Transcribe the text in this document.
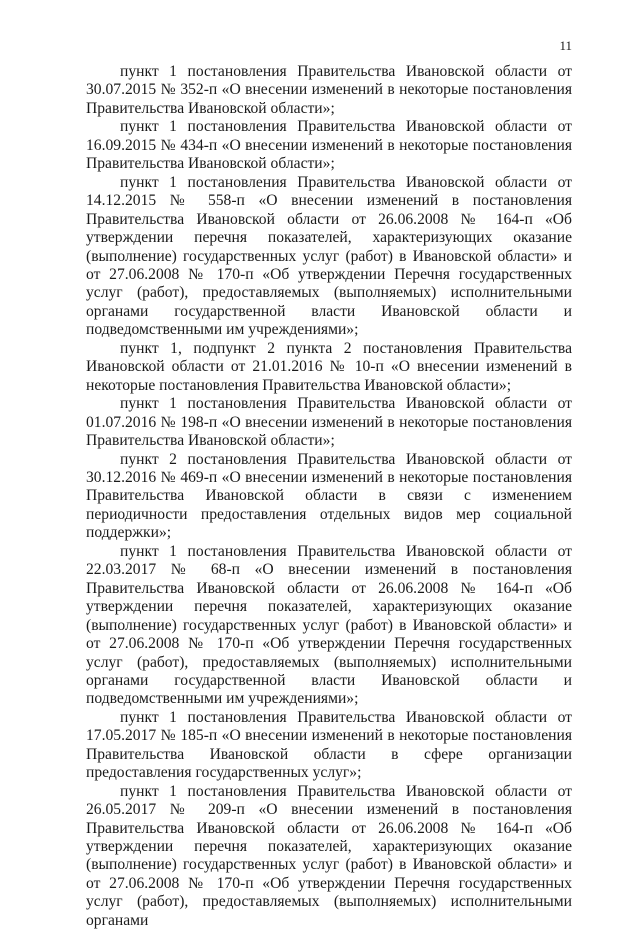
11

пункт 1 постановления Правительства Ивановской области от 30.07.2015 № 352-п «О внесении изменений в некоторые постановления Правительства Ивановской области»;

пункт 1 постановления Правительства Ивановской области от 16.09.2015 № 434-п «О внесении изменений в некоторые постановления Правительства Ивановской области»;

пункт 1 постановления Правительства Ивановской области от 14.12.2015 № 558-п «О внесении изменений в постановления Правительства Ивановской области от 26.06.2008 № 164-п «Об утверждении перечня показателей, характеризующих оказание (выполнение) государственных услуг (работ) в Ивановской области» и от 27.06.2008 № 170-п «Об утверждении Перечня государственных услуг (работ), предоставляемых (выполняемых) исполнительными органами государственной власти Ивановской области и подведомственными им учреждениями»;

пункт 1, подпункт 2 пункта 2 постановления Правительства Ивановской области от 21.01.2016 № 10-п «О внесении изменений в некоторые постановления Правительства Ивановской области»;

пункт 1 постановления Правительства Ивановской области от 01.07.2016 № 198-п «О внесении изменений в некоторые постановления Правительства Ивановской области»;

пункт 2 постановления Правительства Ивановской области от 30.12.2016 № 469-п «О внесении изменений в некоторые постановления Правительства Ивановской области в связи с изменением периодичности предоставления отдельных видов мер социальной поддержки»;

пункт 1 постановления Правительства Ивановской области от 22.03.2017 № 68-п «О внесении изменений в постановления Правительства Ивановской области от 26.06.2008 № 164-п «Об утверждении перечня показателей, характеризующих оказание (выполнение) государственных услуг (работ) в Ивановской области» и от 27.06.2008 № 170-п «Об утверждении Перечня государственных услуг (работ), предоставляемых (выполняемых) исполнительными органами государственной власти Ивановской области и подведомственными им учреждениями»;

пункт 1 постановления Правительства Ивановской области от 17.05.2017 № 185-п «О внесении изменений в некоторые постановления Правительства Ивановской области в сфере организации предоставления государственных услуг»;

пункт 1 постановления Правительства Ивановской области от 26.05.2017 № 209-п «О внесении изменений в постановления Правительства Ивановской области от 26.06.2008 № 164-п «Об утверждении перечня показателей, характеризующих оказание (выполнение) государственных услуг (работ) в Ивановской области» и от 27.06.2008 № 170-п «Об утверждении Перечня государственных услуг (работ), предоставляемых (выполняемых) исполнительными органами
